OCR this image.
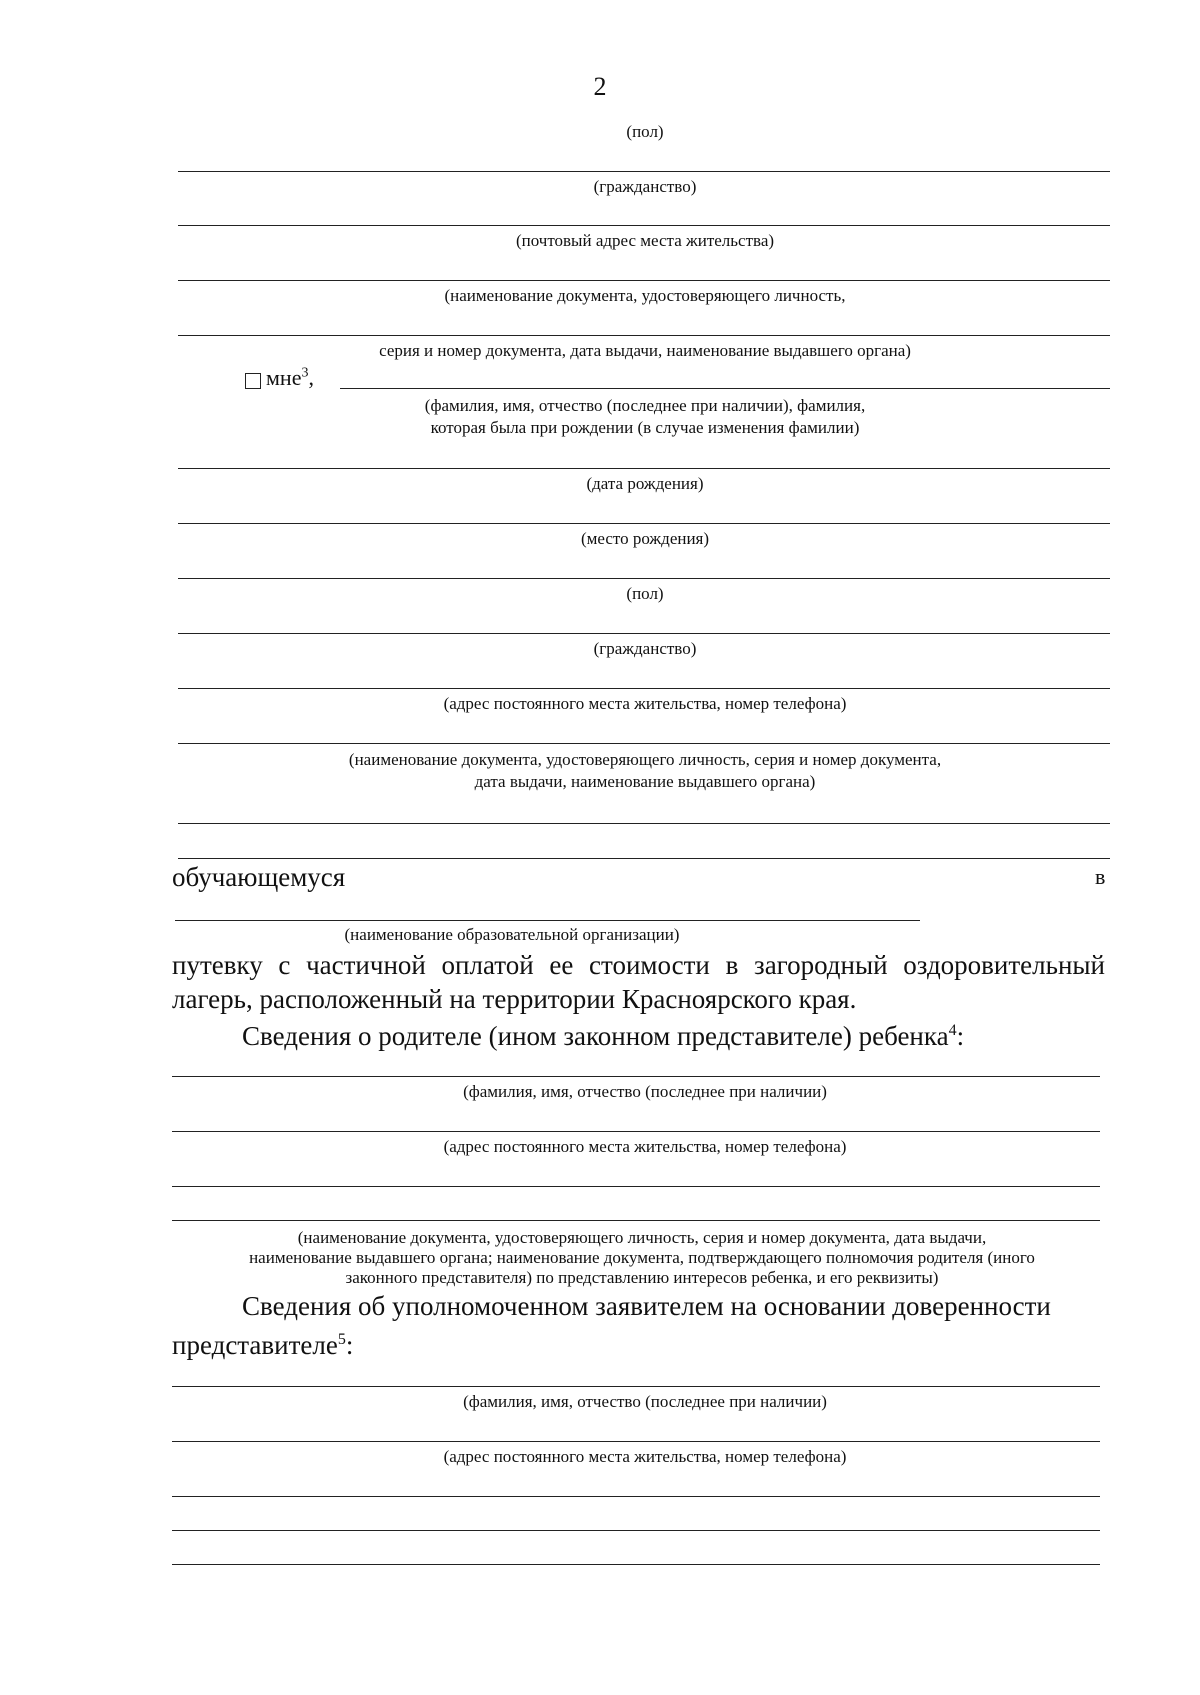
2
(пол)
(гражданство)
(почтовый адрес места жительства)
(наименование документа, удостоверяющего личность,
серия и номер документа, дата выдачи, наименование выдавшего органа)
мне$^3$,
(фамилия, имя, отчество (последнее при наличии), фамилия,
которая была при рождении (в случае изменения фамилии)
(дата рождения)
(место рождения)
(пол)
(гражданство)
(адрес постоянного места жительства, номер телефона)
(наименование документа, удостоверяющего личность, серия и номер документа,
дата выдачи, наименование выдавшего органа)
обучающемуся	в
(наименование образовательной организации)
путевку с частичной оплатой ее стоимости в загородный оздоровительный лагерь, расположенный на территории Красноярского края.
Сведения о родителе (ином законном представителе) ребенка$^4$:
(фамилия, имя, отчество (последнее при наличии)
(адрес постоянного места жительства, номер телефона)
(наименование документа, удостоверяющего личность, серия и номер документа, дата выдачи,
наименование выдавшего органа; наименование документа, подтверждающего полномочия родителя (иного
законного представителя) по представлению интересов ребенка, и его реквизиты)
Сведения об уполномоченном заявителем на основании доверенности
представителе$^5$:
(фамилия, имя, отчество (последнее при наличии)
(адрес постоянного места жительства, номер телефона)
